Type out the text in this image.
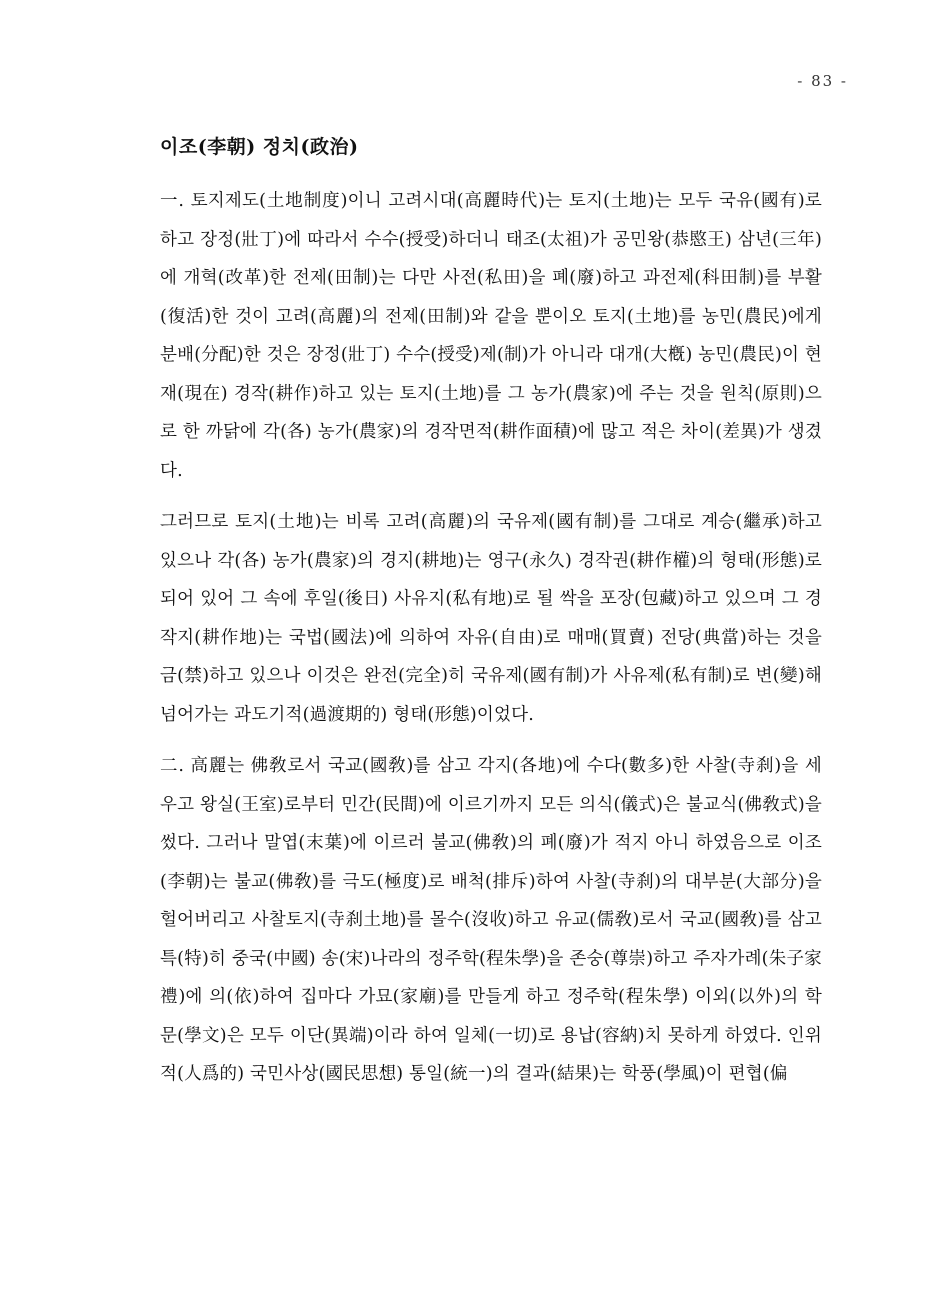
- 83 -
이조(李朝) 정치(政治)

一. 토지제도(土地制度)이니 고려시대(高麗時代)는 토지(土地)는 모두 국유(國有)로 하고 장정(壯丁)에 따라서 수수(授受)하더니 태조(太祖)가 공민왕(恭愍王) 삼년(三年)에 개혁(改革)한 전제(田制)는 다만 사전(私田)을 폐(廢)하고 과전제(科田制)를 부활(復活)한 것이 고려(高麗)의 전제(田制)와 같을 뿐이오 토지(土地)를 농민(農民)에게 분배(分配)한 것은 장정(壯丁) 수수(授受)제(制)가 아니라 대개(大槪) 농민(農民)이 현재(現在) 경작(耕作)하고 있는 토지(土地)를 그 농가(農家)에 주는 것을 원칙(原則)으로 한 까닭에 각(各) 농가(農家)의 경작면적(耕作面積)에 많고 적은 차이(差異)가 생겼다.

그러므로 토지(土地)는 비록 고려(高麗)의 국유제(國有制)를 그대로 계승(繼承)하고 있으나 각(各) 농가(農家)의 경지(耕地)는 영구(永久) 경작권(耕作權)의 형태(形態)로 되어 있어 그 속에 후일(後日) 사유지(私有地)로 될 싹을 포장(包藏)하고 있으며 그 경작지(耕作地)는 국법(國法)에 의하여 자유(自由)로 매매(買賣) 전당(典當)하는 것을 금(禁)하고 있으나 이것은 완전(完全)히 국유제(國有制)가 사유제(私有制)로 변(變)해 넘어가는 과도기적(過渡期的) 형태(形態)이었다.

二. 高麗는 佛敎로서 국교(國敎)를 삼고 각지(各地)에 수다(數多)한 사찰(寺刹)을 세우고 왕실(王室)로부터 민간(民間)에 이르기까지 모든 의식(儀式)은 불교식(佛敎式)을 썼다. 그러나 말엽(末葉)에 이르러 불교(佛敎)의 폐(廢)가 적지 아니 하였음으로 이조(李朝)는 불교(佛敎)를 극도(極度)로 배척(排斥)하여 사찰(寺刹)의 대부분(大部分)을 헐어버리고 사찰토지(寺刹土地)를 몰수(沒收)하고 유교(儒敎)로서 국교(國敎)를 삼고 특(特)히 중국(中國) 송(宋)나라의 정주학(程朱學)을 존숭(尊崇)하고 주자가례(朱子家禮)에 의(依)하여 집마다 가묘(家廟)를 만들게 하고 정주학(程朱學) 이외(以外)의 학문(學文)은 모두 이단(異端)이라 하여 일체(一切)로 용납(容納)치 못하게 하였다. 인위적(人爲的) 국민사상(國民思想) 통일(統一)의 결과(結果)는 학풍(學風)이 편협(偏
